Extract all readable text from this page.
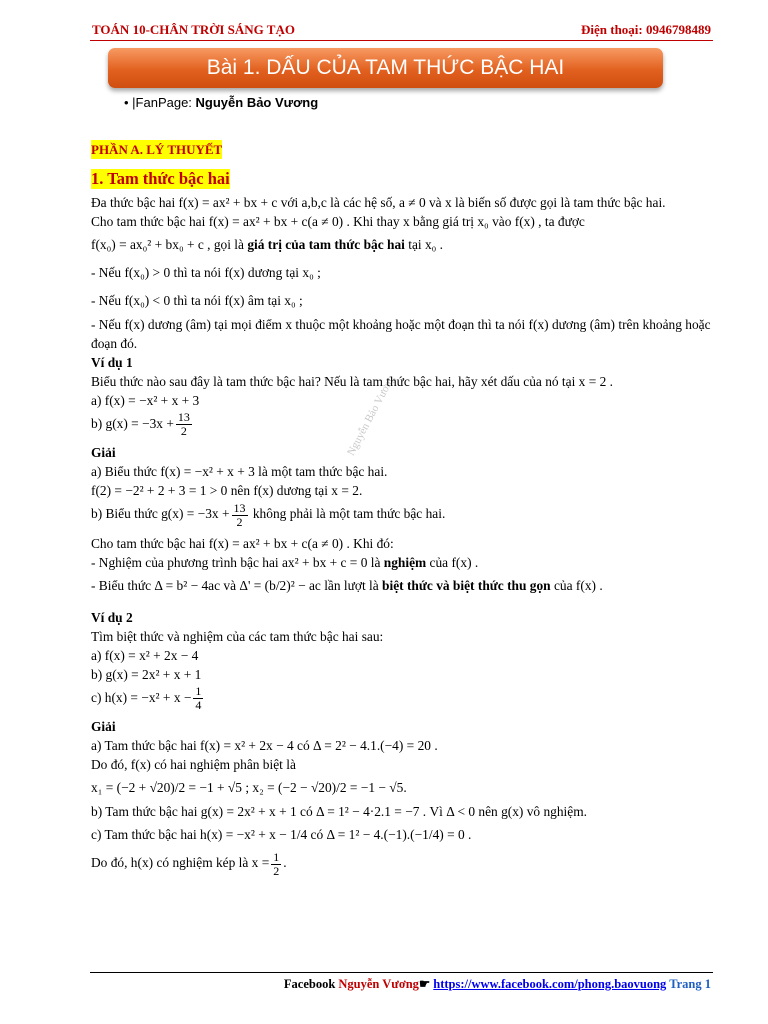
TOÁN 10-CHÂN TRỜI SÁNG TẠO	Điện thoại: 0946798489
Bài 1. DẤU CỦA TAM THỨC BẬC HAI
• |FanPage: Nguyễn Bảo Vương
Nguyễn Bảo Vương
PHẦN A. LÝ THUYẾT
1. Tam thức bậc hai

Đa thức bậc hai f(x) = ax² + bx + c với a,b,c là các hệ số, a ≠ 0 và x là biến số được gọi là tam thức bậc hai.

Cho tam thức bậc hai f(x) = ax² + bx + c(a ≠ 0) . Khi thay x bằng giá trị x₀ vào f(x) , ta được

f(x₀) = ax₀² + bx₀ + c , gọi là giá trị của tam thức bậc hai tại x₀ .

- Nếu f(x₀) > 0 thì ta nói f(x) dương tại x₀ ;

- Nếu f(x₀) < 0 thì ta nói f(x) âm tại x₀ ;

- Nếu f(x) dương (âm) tại mọi điểm x thuộc một khoảng hoặc một đoạn thì ta nói f(x) dương (âm) trên khoảng hoặc đoạn đó.

Ví dụ 1

Biểu thức nào sau đây là tam thức bậc hai? Nếu là tam thức bậc hai, hãy xét dấu của nó tại x = 2 .

a) f(x) = −x² + x + 3

b) $g(x) = -3x + \frac{13}{2}$

Giải

a) Biểu thức f(x) = −x² + x + 3 là một tam thức bậc hai.

f(2) = −2² + 2 + 3 = 1 > 0 nên f(x) dương tại x = 2.

b) Biểu thức $g(x) = -3x + \frac{13}{2}$ không phải là một tam thức bậc hai.

Cho tam thức bậc hai f(x) = ax² + bx + c(a ≠ 0) . Khi đó:

- Nghiệm của phương trình bậc hai ax² + bx + c = 0 là nghiệm của f(x) .

- Biểu thức Δ = b² − 4ac và Δ' = (b/2)² − ac lần lượt là biệt thức và biệt thức thu gọn của f(x) .

Ví dụ 2

Tìm biệt thức và nghiệm của các tam thức bậc hai sau:

a) f(x) = x² + 2x − 4

b) g(x) = 2x² + x + 1

c) $h(x) = -x^2 + x - \frac{1}{4}$

Giải

a) Tam thức bậc hai f(x) = x² + 2x − 4 có Δ = 2² − 4.1.(−4) = 20 .

Do đó, f(x) có hai nghiệm phân biệt là

x₁ = (−2 + √20)/2 = −1 + √5 ; x₂ = (−2 − √20)/2 = −1 − √5.

b) Tam thức bậc hai g(x) = 2x² + x + 1 có Δ = 1² − 4·2.1 = −7 . Vì Δ < 0 nên g(x) vô nghiệm.

c) Tam thức bậc hai h(x) = −x² + x − 1/4 có Δ = 1² − 4.(−1).(−1/4) = 0 .

Do đó, h(x) có nghiệm kép là $x = \frac{1}{2}$ .

Facebook Nguyễn Vương☛ https://www.facebook.com/phong.baovuong Trang 1
